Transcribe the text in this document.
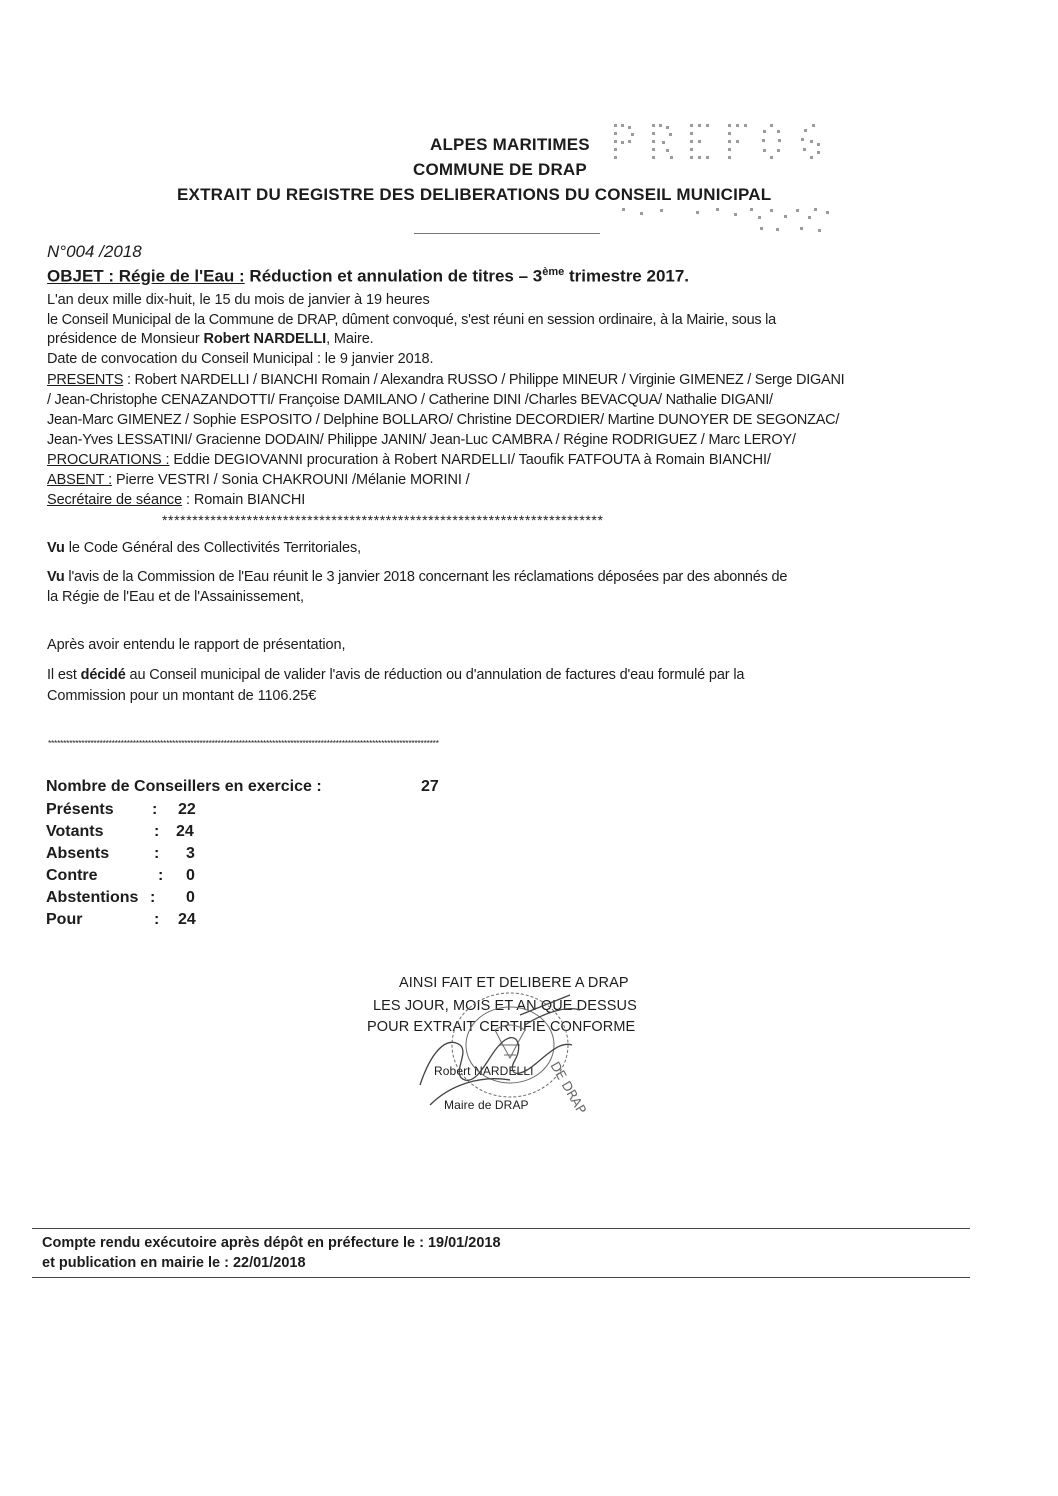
ALPES MARITIMES
COMMUNE DE DRAP
EXTRAIT DU REGISTRE DES DELIBERATIONS DU CONSEIL MUNICIPAL
N°004 /2018
OBJET : Régie de l'Eau : Réduction et annulation de titres – 3ème trimestre 2017.
L'an deux mille dix-huit, le 15 du mois de janvier à 19 heures
le Conseil Municipal de la Commune de DRAP, dûment convoqué, s'est réuni en session ordinaire, à la Mairie, sous la
présidence de Monsieur Robert NARDELLI, Maire.
Date de convocation du Conseil Municipal : le 9 janvier 2018.
PRESENTS : Robert NARDELLI / BIANCHI Romain / Alexandra RUSSO / Philippe MINEUR / Virginie GIMENEZ / Serge DIGANI
/ Jean-Christophe CENAZANDOTTI/ Françoise DAMILANO / Catherine DINI /Charles BEVACQUA/ Nathalie DIGANI/
Jean-Marc GIMENEZ / Sophie ESPOSITO / Delphine BOLLARO/ Christine DECORDIER/ Martine DUNOYER DE SEGONZAC/
Jean-Yves LESSATINI/ Gracienne DODAIN/ Philippe JANIN/ Jean-Luc CAMBRA / Régine RODRIGUEZ / Marc LEROY/
PROCURATIONS : Eddie DEGIOVANNI procuration à Robert NARDELLI/ Taoufik FATFOUTA à Romain BIANCHI/
ABSENT : Pierre VESTRI / Sonia CHAKROUNI /Mélanie MORINI /
Secrétaire de séance : Romain BIANCHI
*************************************************************************
Vu le Code Général des Collectivités Territoriales,
Vu l'avis de la Commission de l'Eau réunit le 3 janvier 2018 concernant les réclamations déposées par des abonnés de
la Régie de l'Eau et de l'Assainissement,
Après avoir entendu le rapport de présentation,
Il est décidé au Conseil municipal de valider l'avis de réduction ou d'annulation de factures d'eau formulé par la
Commission pour un montant de 1106.25€
*********************************************************************************************************************************
Nombre de Conseillers en exercice :	27
Présents : 22
Votants	: 24
Absents	: 3
Contre	: 0
Abstentions : 0
Pour	: 24
AINSI FAIT ET DELIBERE A DRAP
LES JOUR, MOIS ET AN QUE DESSUS
POUR EXTRAIT CERTIFIE CONFORME
Robert NARDELLI
Maire de DRAP DE DRAP
Compte rendu exécutoire après dépôt en préfecture le : 19/01/2018
et publication en mairie le : 22/01/2018
